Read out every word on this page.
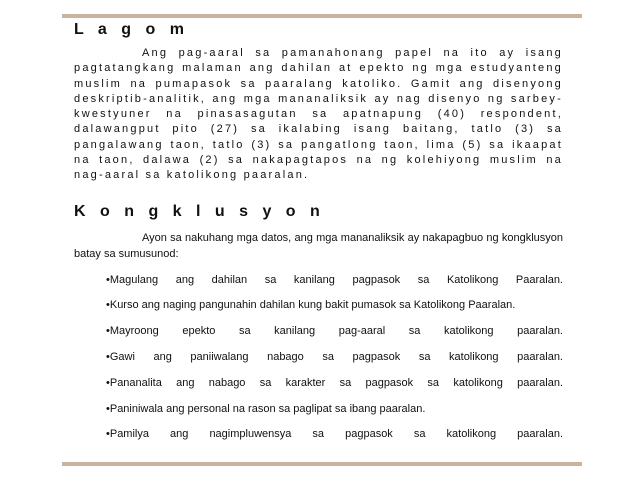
L a g o m

Ang pag-aaral sa pamanahonang papel na ito ay isang pagtatangkang malaman ang dahilan at epekto ng mga estudyanteng muslim na pumapasok sa paaralang katoliko. Gamit ang disenyong deskriptib-analitik, ang mga mananaliksik ay nag disenyo ng sarbey-kwestyuner na pinasasagutan sa apatnapung (40) respondent, dalawangput pito (27) sa ikalabing isang baitang, tatlo (3) sa pangalawang taon, tatlo (3) sa pangatlong taon, lima (5) sa ikaapat na taon, dalawa (2) sa nakapagtapos na ng kolehiyong muslim na nag-aaral sa katolikong paaralan.

K o n g k l u s y o n

Ayon sa nakuhang mga datos, ang mga mananaliksik ay nakapagbuo ng kongklusyon batay sa sumusunod:

•Magulang ang dahilan sa kanilang pagpasok sa Katolikong Paaralan.
•Kurso ang naging pangunahin dahilan kung bakit pumasok sa Katolikong Paaralan.
•Mayroong epekto sa kanilang pag-aaral sa katolikong paaralan.
•Gawi ang paniiwalang nabago sa pagpasok sa katolikong paaralan.
•Pananalita ang nabago sa karakter sa pagpasok sa katolikong paaralan.
•Paniniwala ang personal na rason sa paglipat sa ibang paaralan.
•Pamilya ang nagimpluwensya sa pagpasok sa katolikong paaralan.
